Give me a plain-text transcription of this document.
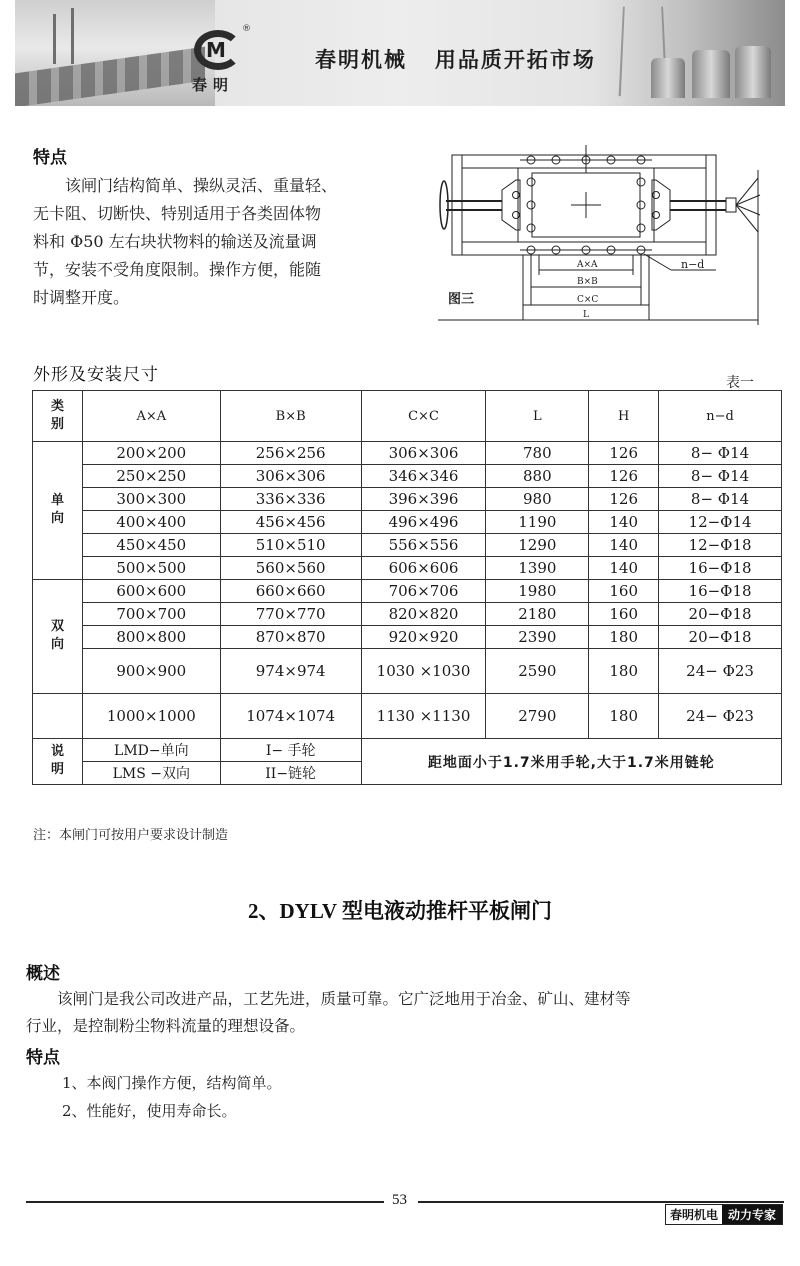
M
®
春明
春明机械   用品质开拓市场
特点

　　该闸门结构简单、操纵灵活、重量轻、

无卡阻、切断快、特别适用于各类固体物

料和 Φ50 左右块状物料的输送及流量调

节，安装不受角度限制。操作方便，能随

时调整开度。

A×A
B×B
C×C
L
n−d
图三
外形及安装尺寸	表一
类别	A×A	B×B	C×C	L	H	n−d
单向	200×200	256×256	306×306	780	126	8− Φ14
	250×250	306×306	346×346	880	126	8− Φ14
	300×300	336×336	396×396	980	126	8− Φ14
	400×400	456×456	496×496	1190	140	12−Φ14
	450×450	510×510	556×556	1290	140	12−Φ18
	500×500	560×560	606×606	1390	140	16−Φ18
双向	600×600	660×660	706×706	1980	160	16−Φ18
	700×700	770×770	820×820	2180	160	20−Φ18
	800×800	870×870	920×920	2390	180	20−Φ18
	900×900	974×974	1030 ×1030	2590	180	24− Φ23
	1000×1000	1074×1074	1130 ×1130	2790	180	24− Φ23
说明	LMD−单向	I− 手轮	距地面小于1.7米用手轮,大于1.7米用链轮			
	LMS −双向	II−链轮				
注：本闸门可按用户要求设计制造
2、DYLV 型电液动推杆平板闸门
概述

　　该闸门是我公司改进产品，工艺先进，质量可靠。它广泛地用于冶金、矿山、建材等

行业，是控制粉尘物料流量的理想设备。

特点
1、本阀门操作方便，结构简单。
2、性能好，使用寿命长。
53
春明机电 动力专家
